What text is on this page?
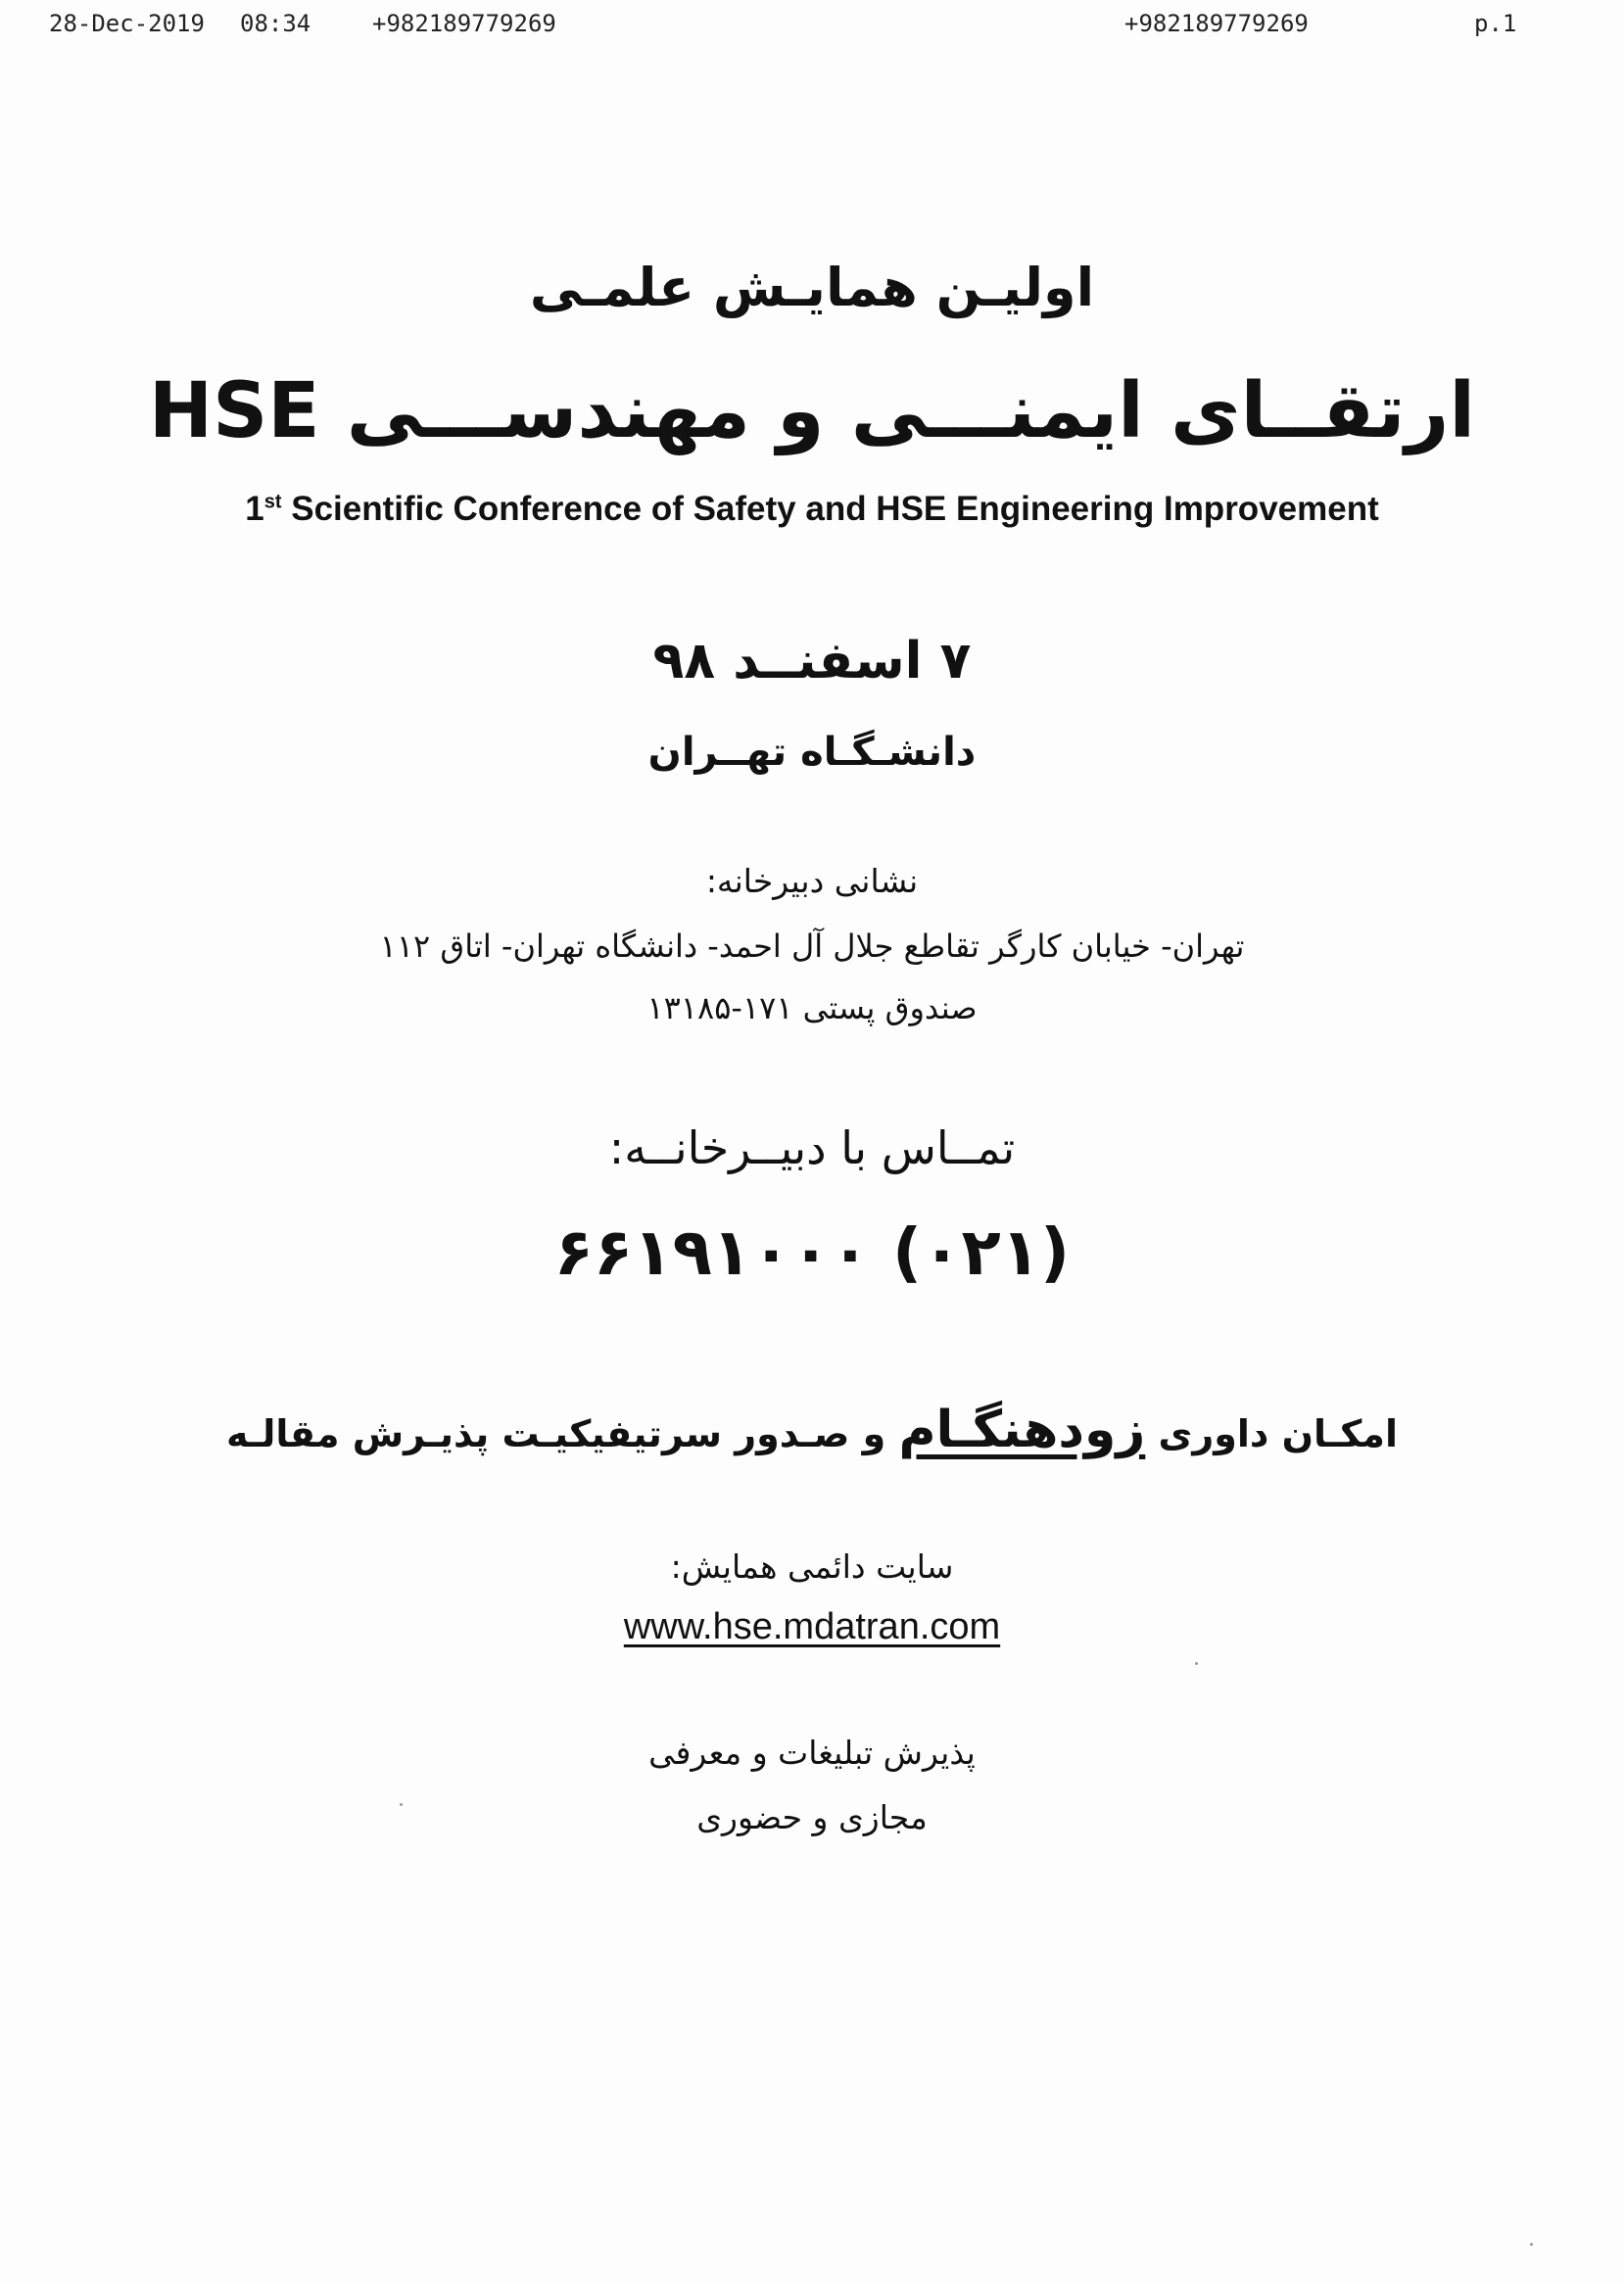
28-Dec-2019 08:34	+982189779269	+982189779269	p.1
اولیـن همایـش علمـی
ارتقــای ایمنـــی و مهندســـی HSE
1st Scientific Conference of Safety and HSE Engineering Improvement
۷ اسفنــد ۹۸
دانشـگـاه تهــران
نشانی دبیرخانه:
تهران- خیابان کارگر تقاطع جلال آل احمد- دانشگاه تهران- اتاق ۱۱۲
صندوق پستی ۱۷۱-۱۳۱۸۵
تمــاس با دبیــرخانــه:
(۰۲۱) ۶۶۱۹۱۰۰۰
امکـان داوری زودهنگـام و صـدور سرتیفیکیـت پذیـرش مقالـه
سایت دائمی همایش:
www.hse.mdatran.com
پذیرش تبلیغات و معرفی
مجازی و حضوری
